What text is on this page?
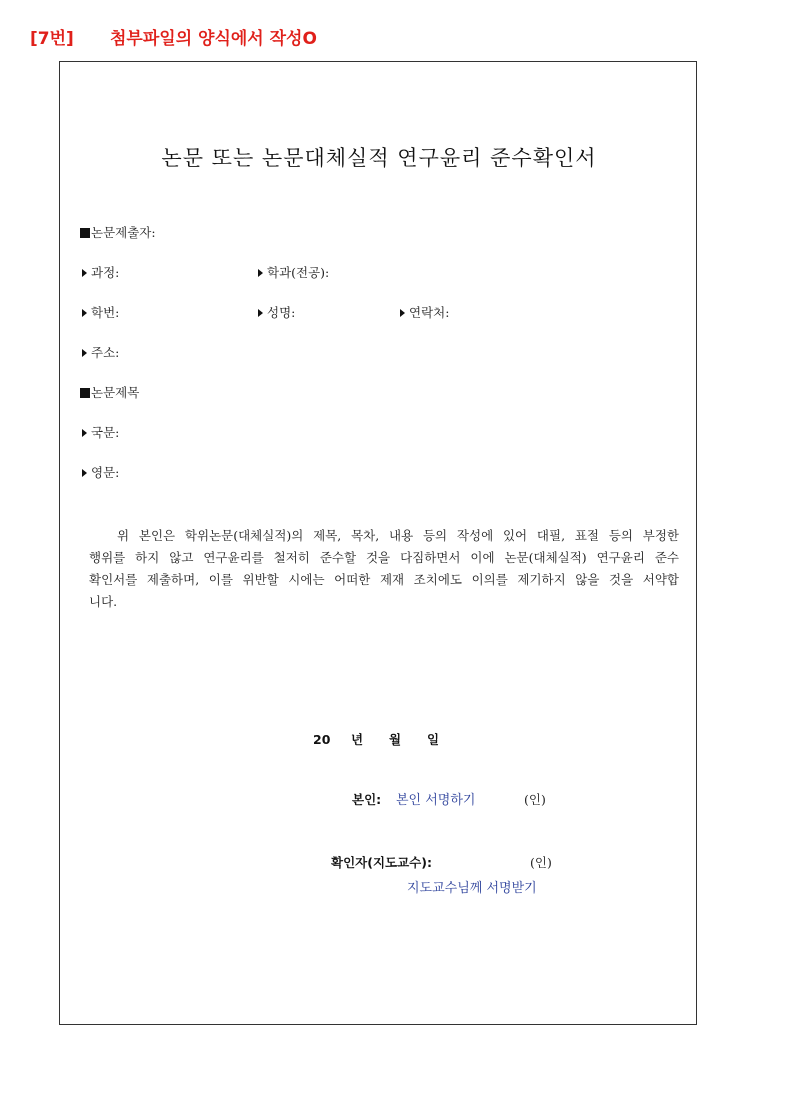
[7번] 첨부파일의 양식에서 작성O
논문 또는 논문대체실적 연구윤리 준수확인서
논문제출자:
과정:	학과(전공):
학번:	성명:	연락처:
주소:
논문제목
국문:
영문:
위 본인은 학위논문(대체실적)의 제목, 목차, 내용 등의 작성에 있어 대필, 표절 등의 부정한
행위를 하지 않고 연구윤리를 철저히 준수할 것을 다짐하면서 이에 논문(대체실적) 연구윤리 준수
확인서를 제출하며, 이를 위반할 시에는 어떠한 제재 조치에도 이의를 제기하지 않을 것을 서약합
니다.
20 년 월 일
본인: 본인 서명하기	(인)
확인자(지도교수):	(인)
지도교수님께 서명받기
